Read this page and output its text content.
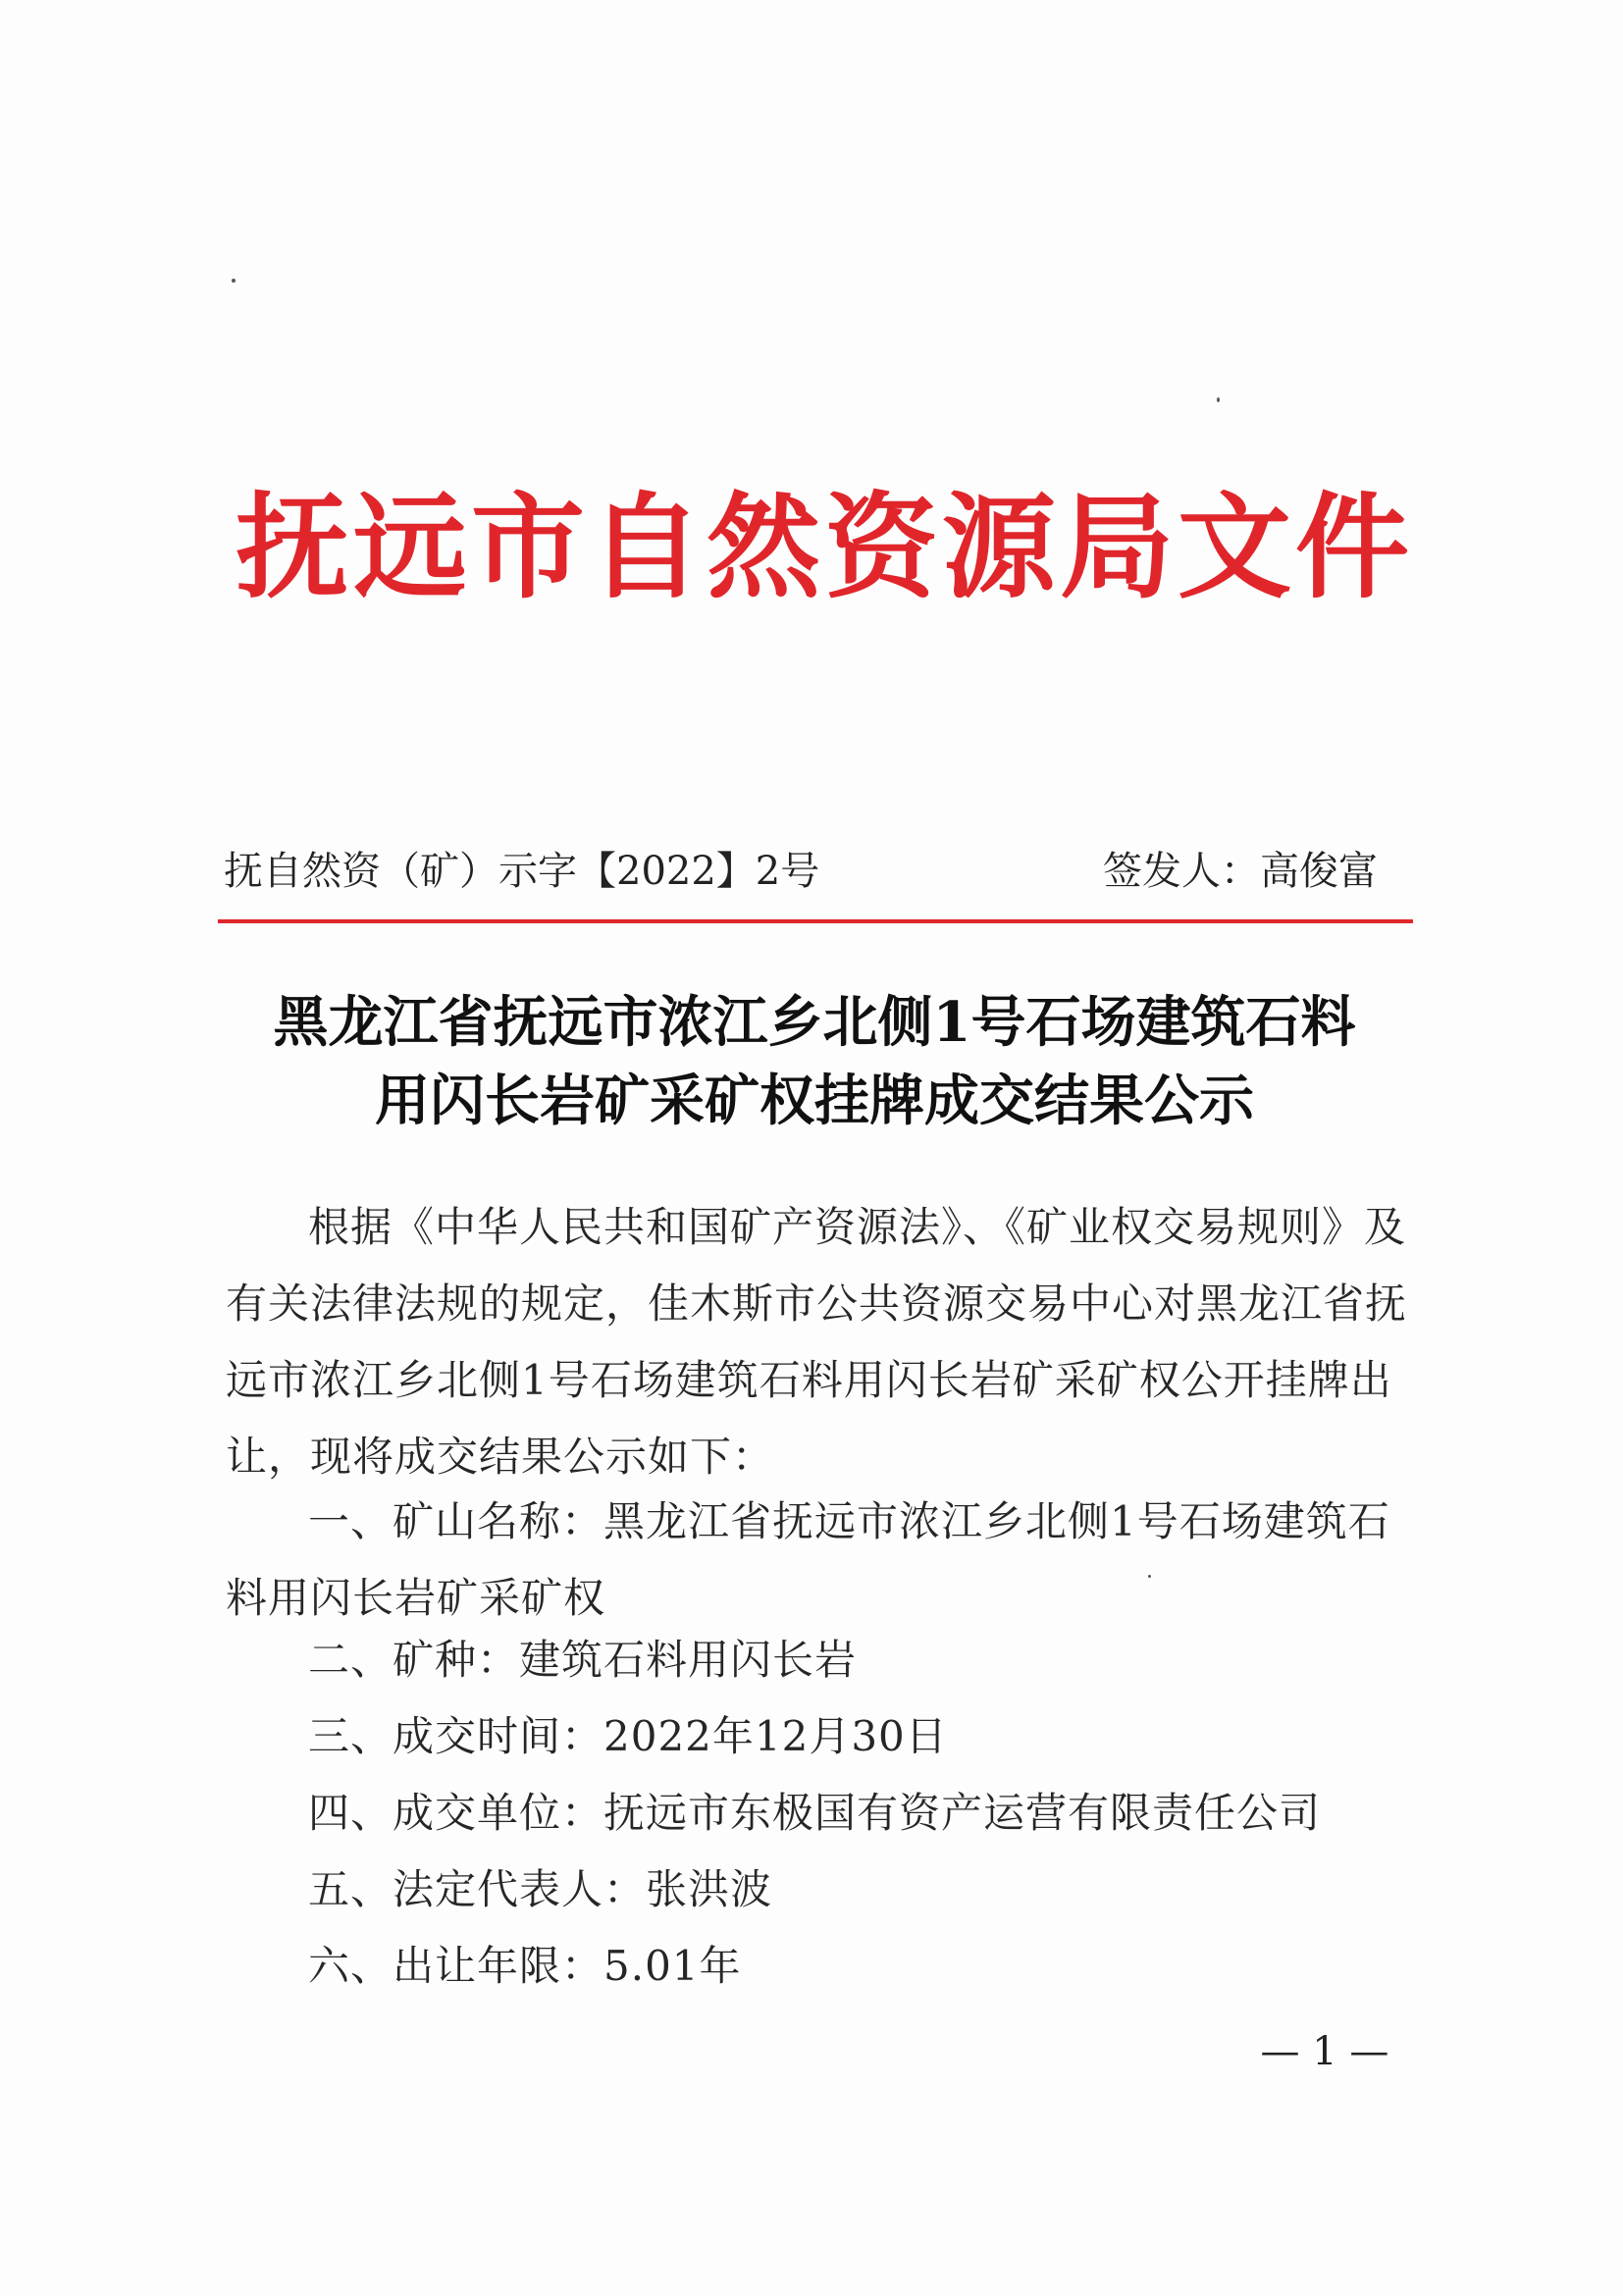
抚远市自然资源局文件
抚自然资（矿）示字【2022】2号	签发人：高俊富
黑龙江省抚远市浓江乡北侧1号石场建筑石料
用闪长岩矿采矿权挂牌成交结果公示

根据《中华人民共和国矿产资源法》、《矿业权交易规则》及有关法律法规的规定，佳木斯市公共资源交易中心对黑龙江省抚远市浓江乡北侧1号石场建筑石料用闪长岩矿采矿权公开挂牌出让，现将成交结果公示如下：

一、矿山名称：黑龙江省抚远市浓江乡北侧1号石场建筑石料用闪长岩矿采矿权

二、矿种：建筑石料用闪长岩
三、成交时间：2022年12月30日
四、成交单位：抚远市东极国有资产运营有限责任公司
五、法定代表人：张洪波
六、出让年限：5.01年
— 1 —
